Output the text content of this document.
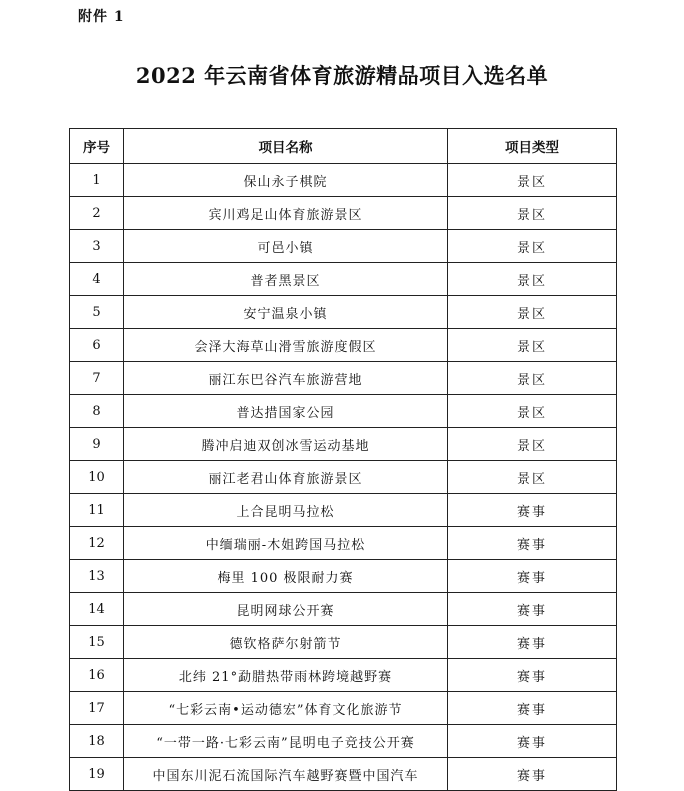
附件 1
2022 年云南省体育旅游精品项目入选名单
序号	项目名称	项目类型
1	保山永子棋院	景区
2	宾川鸡足山体育旅游景区	景区
3	可邑小镇	景区
4	普者黑景区	景区
5	安宁温泉小镇	景区
6	会泽大海草山滑雪旅游度假区	景区
7	丽江东巴谷汽车旅游营地	景区
8	普达措国家公园	景区
9	腾冲启迪双创冰雪运动基地	景区
10	丽江老君山体育旅游景区	景区
11	上合昆明马拉松	赛事
12	中缅瑞丽-木姐跨国马拉松	赛事
13	梅里 100 极限耐力赛	赛事
14	昆明网球公开赛	赛事
15	德钦格萨尔射箭节	赛事
16	北纬 21°勐腊热带雨林跨境越野赛	赛事
17	“七彩云南•运动德宏”体育文化旅游节	赛事
18	“一带一路·七彩云南”昆明电子竞技公开赛	赛事
19	中国东川泥石流国际汽车越野赛暨中国汽车	赛事
